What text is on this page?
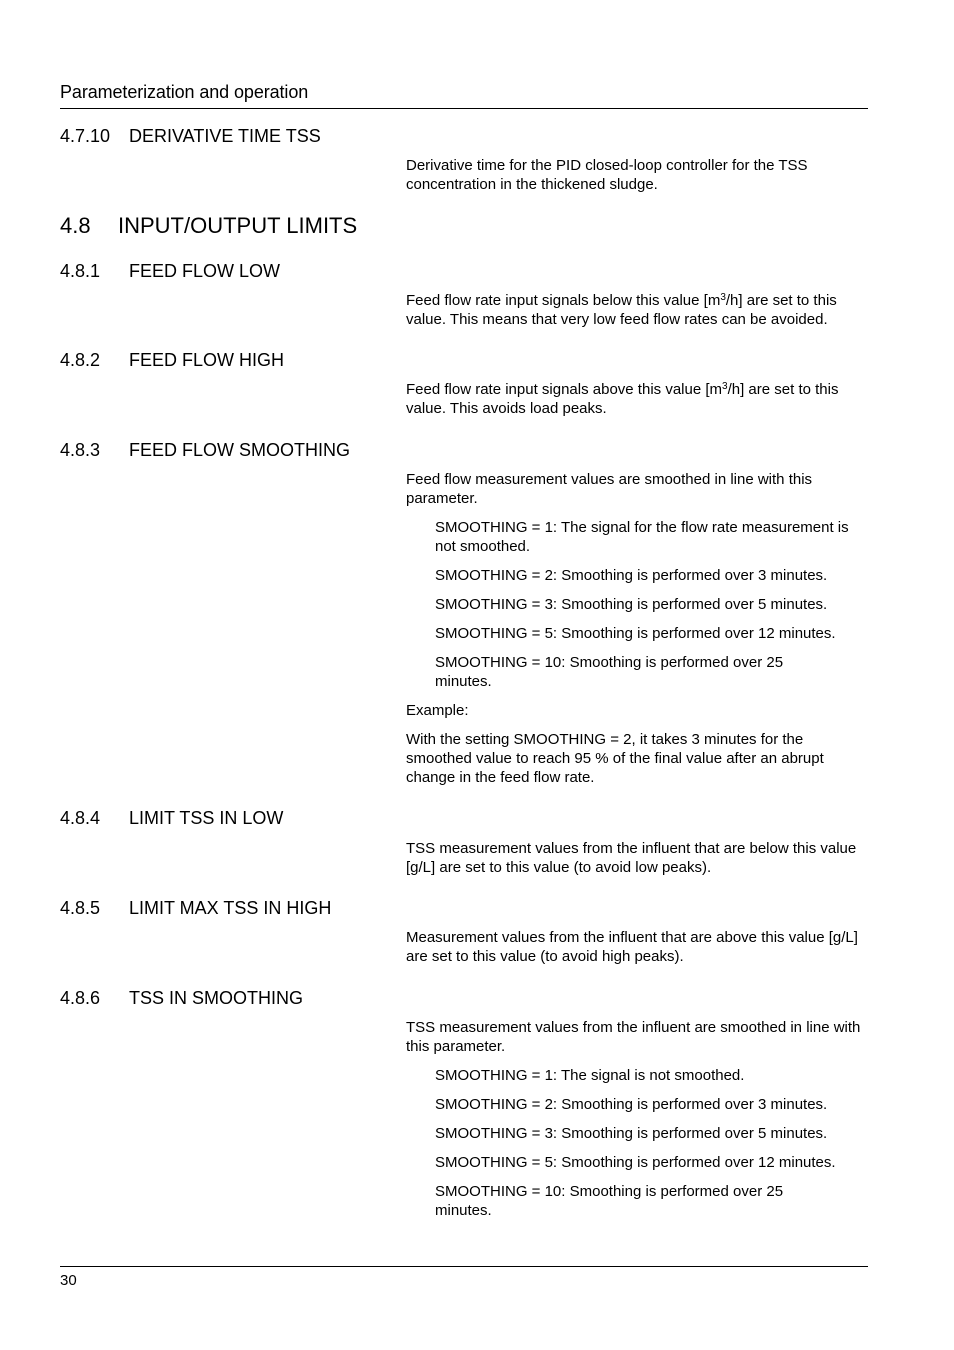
Parameterization and operation
4.7.10 DERIVATIVE TIME TSS
Derivative time for the PID closed-loop controller for the TSS concentration in the thickened sludge.
4.8 INPUT/OUTPUT LIMITS
4.8.1 FEED FLOW LOW
Feed flow rate input signals below this value $[m^3/h]$ are set to this value. This means that very low feed flow rates can be avoided.
4.8.2 FEED FLOW HIGH
Feed flow rate input signals above this value $[m^3/h]$ are set to this value. This avoids load peaks.
4.8.3 FEED FLOW SMOOTHING
Feed flow measurement values are smoothed in line with this parameter.
SMOOTHING = 1: The signal for the flow rate measurement is not smoothed.
SMOOTHING = 2: Smoothing is performed over 3 minutes.
SMOOTHING = 3: Smoothing is performed over 5 minutes.
SMOOTHING = 5: Smoothing is performed over 12 minutes.
SMOOTHING = 10: Smoothing is performed over 25 minutes.
Example:
With the setting SMOOTHING = 2, it takes 3 minutes for the smoothed value to reach 95 % of the final value after an abrupt change in the feed flow rate.
4.8.4 LIMIT TSS IN LOW
TSS measurement values from the influent that are below this value [g/L] are set to this value (to avoid low peaks).
4.8.5 LIMIT MAX TSS IN HIGH
Measurement values from the influent that are above this value [g/L] are set to this value (to avoid high peaks).
4.8.6 TSS IN SMOOTHING
TSS measurement values from the influent are smoothed in line with this parameter.
SMOOTHING = 1: The signal is not smoothed.
SMOOTHING = 2: Smoothing is performed over 3 minutes.
SMOOTHING = 3: Smoothing is performed over 5 minutes.
SMOOTHING = 5: Smoothing is performed over 12 minutes.
SMOOTHING = 10: Smoothing is performed over 25 minutes.
30
